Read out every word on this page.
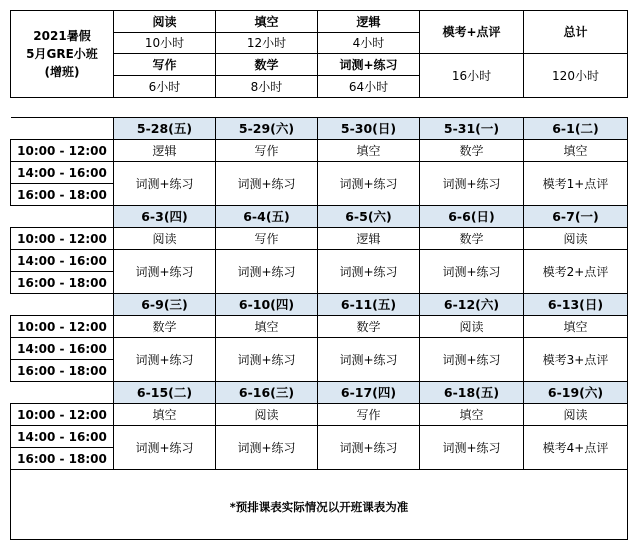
2021暑假
5月GRE小班
(增班)	阅读	填空	逻辑	模考+点评	总计
	10小时	12小时	4小时		
	写作	数学	词测+练习	16小时	120小时
	6小时	8小时	64小时		
	5-28(五)	5-29(六)	5-30(日)	5-31(一)	6-1(二)
10:00 - 12:00	逻辑	写作	填空	数学	填空
14:00 - 16:00	词测+练习	词测+练习	词测+练习	词测+练习	模考1+点评
16:00 - 18:00					
	6-3(四)	6-4(五)	6-5(六)	6-6(日)	6-7(一)
10:00 - 12:00	阅读	写作	逻辑	数学	阅读
14:00 - 16:00	词测+练习	词测+练习	词测+练习	词测+练习	模考2+点评
16:00 - 18:00					
	6-9(三)	6-10(四)	6-11(五)	6-12(六)	6-13(日)
10:00 - 12:00	数学	填空	数学	阅读	填空
14:00 - 16:00	词测+练习	词测+练习	词测+练习	词测+练习	模考3+点评
16:00 - 18:00					
	6-15(二)	6-16(三)	6-17(四)	6-18(五)	6-19(六)
10:00 - 12:00	填空	阅读	写作	填空	阅读
14:00 - 16:00	词测+练习	词测+练习	词测+练习	词测+练习	模考4+点评
16:00 - 18:00					
*预排课表实际情况以开班课表为准					
